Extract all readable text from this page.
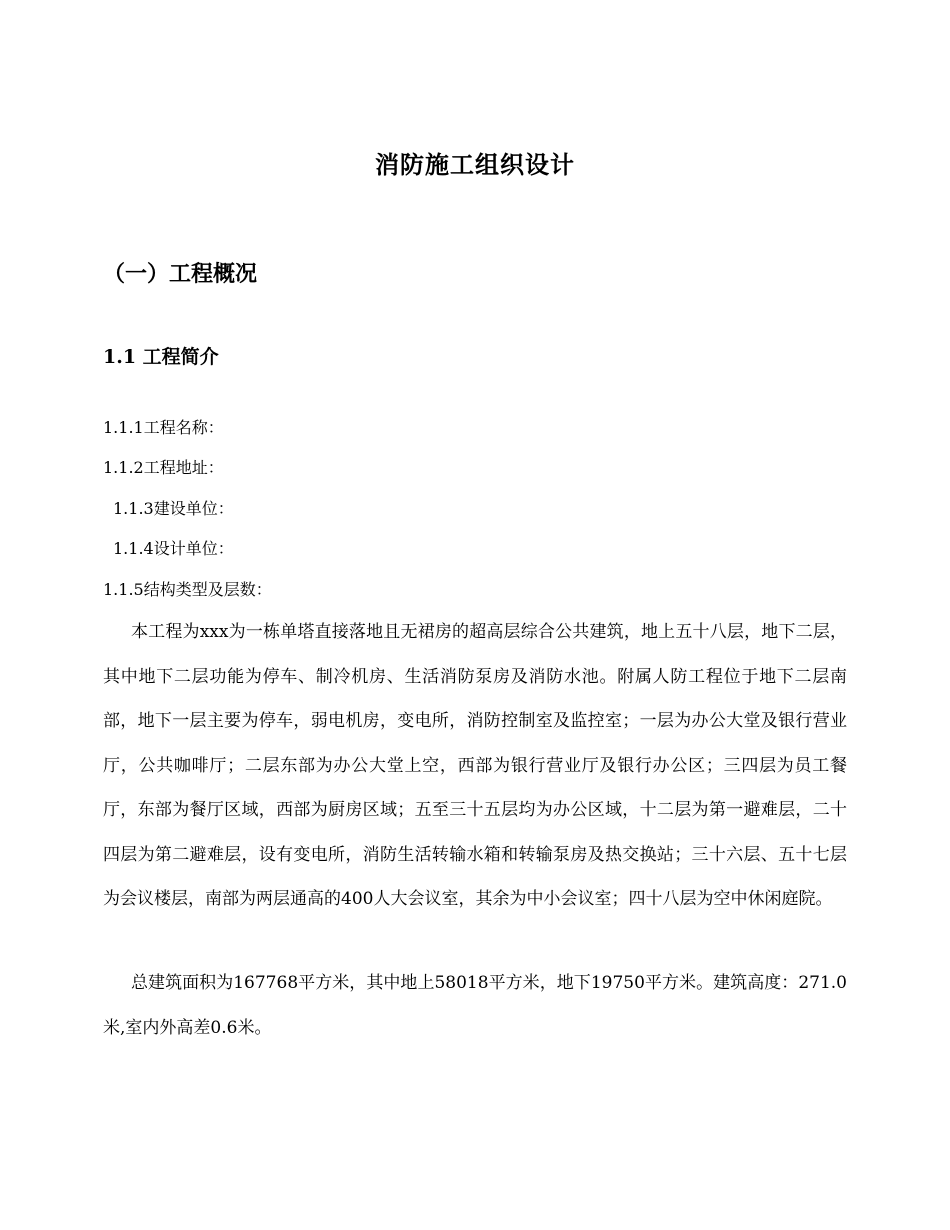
消防施工组织设计
（一）工程概况
1.1 工程简介
1.1.1工程名称：
1.1.2工程地址：
1.1.3建设单位：
1.1.4设计单位：
1.1.5结构类型及层数：
本工程为xxx为一栋单塔直接落地且无裙房的超高层综合公共建筑，地上五十八层，地下二层，其中地下二层功能为停车、制冷机房、生活消防泵房及消防水池。附属人防工程位于地下二层南部，地下一层主要为停车，弱电机房，变电所，消防控制室及监控室；一层为办公大堂及银行营业厅，公共咖啡厅；二层东部为办公大堂上空，西部为银行营业厅及银行办公区；三四层为员工餐厅，东部为餐厅区域，西部为厨房区域；五至三十五层均为办公区域，十二层为第一避难层，二十四层为第二避难层，设有变电所，消防生活转输水箱和转输泵房及热交换站；三十六层、五十七层为会议楼层，南部为两层通高的400人大会议室，其余为中小会议室；四十八层为空中休闲庭院。
总建筑面积为167768平方米，其中地上58018平方米，地下19750平方米。建筑高度：271.0米,室内外高差0.6米。
